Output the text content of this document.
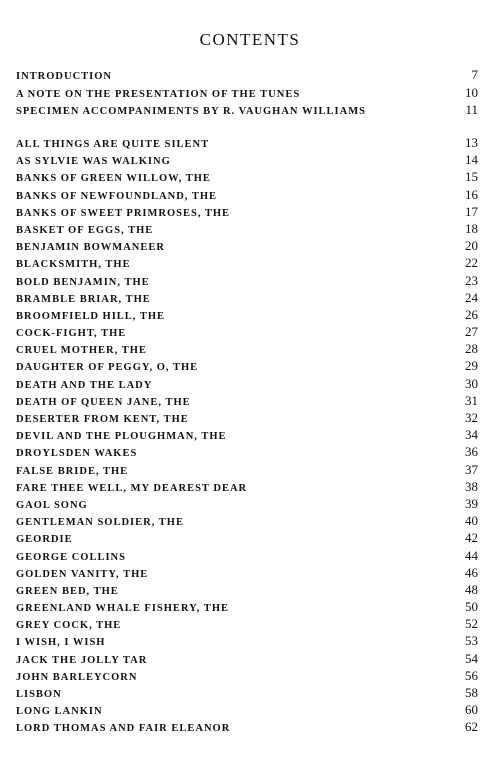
CONTENTS
INTRODUCTION	7
A NOTE ON THE PRESENTATION OF THE TUNES	10
SPECIMEN ACCOMPANIMENTS BY R. VAUGHAN WILLIAMS	11
ALL THINGS ARE QUITE SILENT	13
AS SYLVIE WAS WALKING	14
BANKS OF GREEN WILLOW, THE	15
BANKS OF NEWFOUNDLAND, THE	16
BANKS OF SWEET PRIMROSES, THE	17
BASKET OF EGGS, THE	18
BENJAMIN BOWMANEER	20
BLACKSMITH, THE	22
BOLD BENJAMIN, THE	23
BRAMBLE BRIAR, THE	24
BROOMFIELD HILL, THE	26
COCK-FIGHT, THE	27
CRUEL MOTHER, THE	28
DAUGHTER OF PEGGY, O, THE	29
DEATH AND THE LADY	30
DEATH OF QUEEN JANE, THE	31
DESERTER FROM KENT, THE	32
DEVIL AND THE PLOUGHMAN, THE	34
DROYLSDEN WAKES	36
FALSE BRIDE, THE	37
FARE THEE WELL, MY DEAREST DEAR	38
GAOL SONG	39
GENTLEMAN SOLDIER, THE	40
GEORDIE	42
GEORGE COLLINS	44
GOLDEN VANITY, THE	46
GREEN BED, THE	48
GREENLAND WHALE FISHERY, THE	50
GREY COCK, THE	52
I WISH, I WISH	53
JACK THE JOLLY TAR	54
JOHN BARLEYCORN	56
LISBON	58
LONG LANKIN	60
LORD THOMAS AND FAIR ELEANOR	62
